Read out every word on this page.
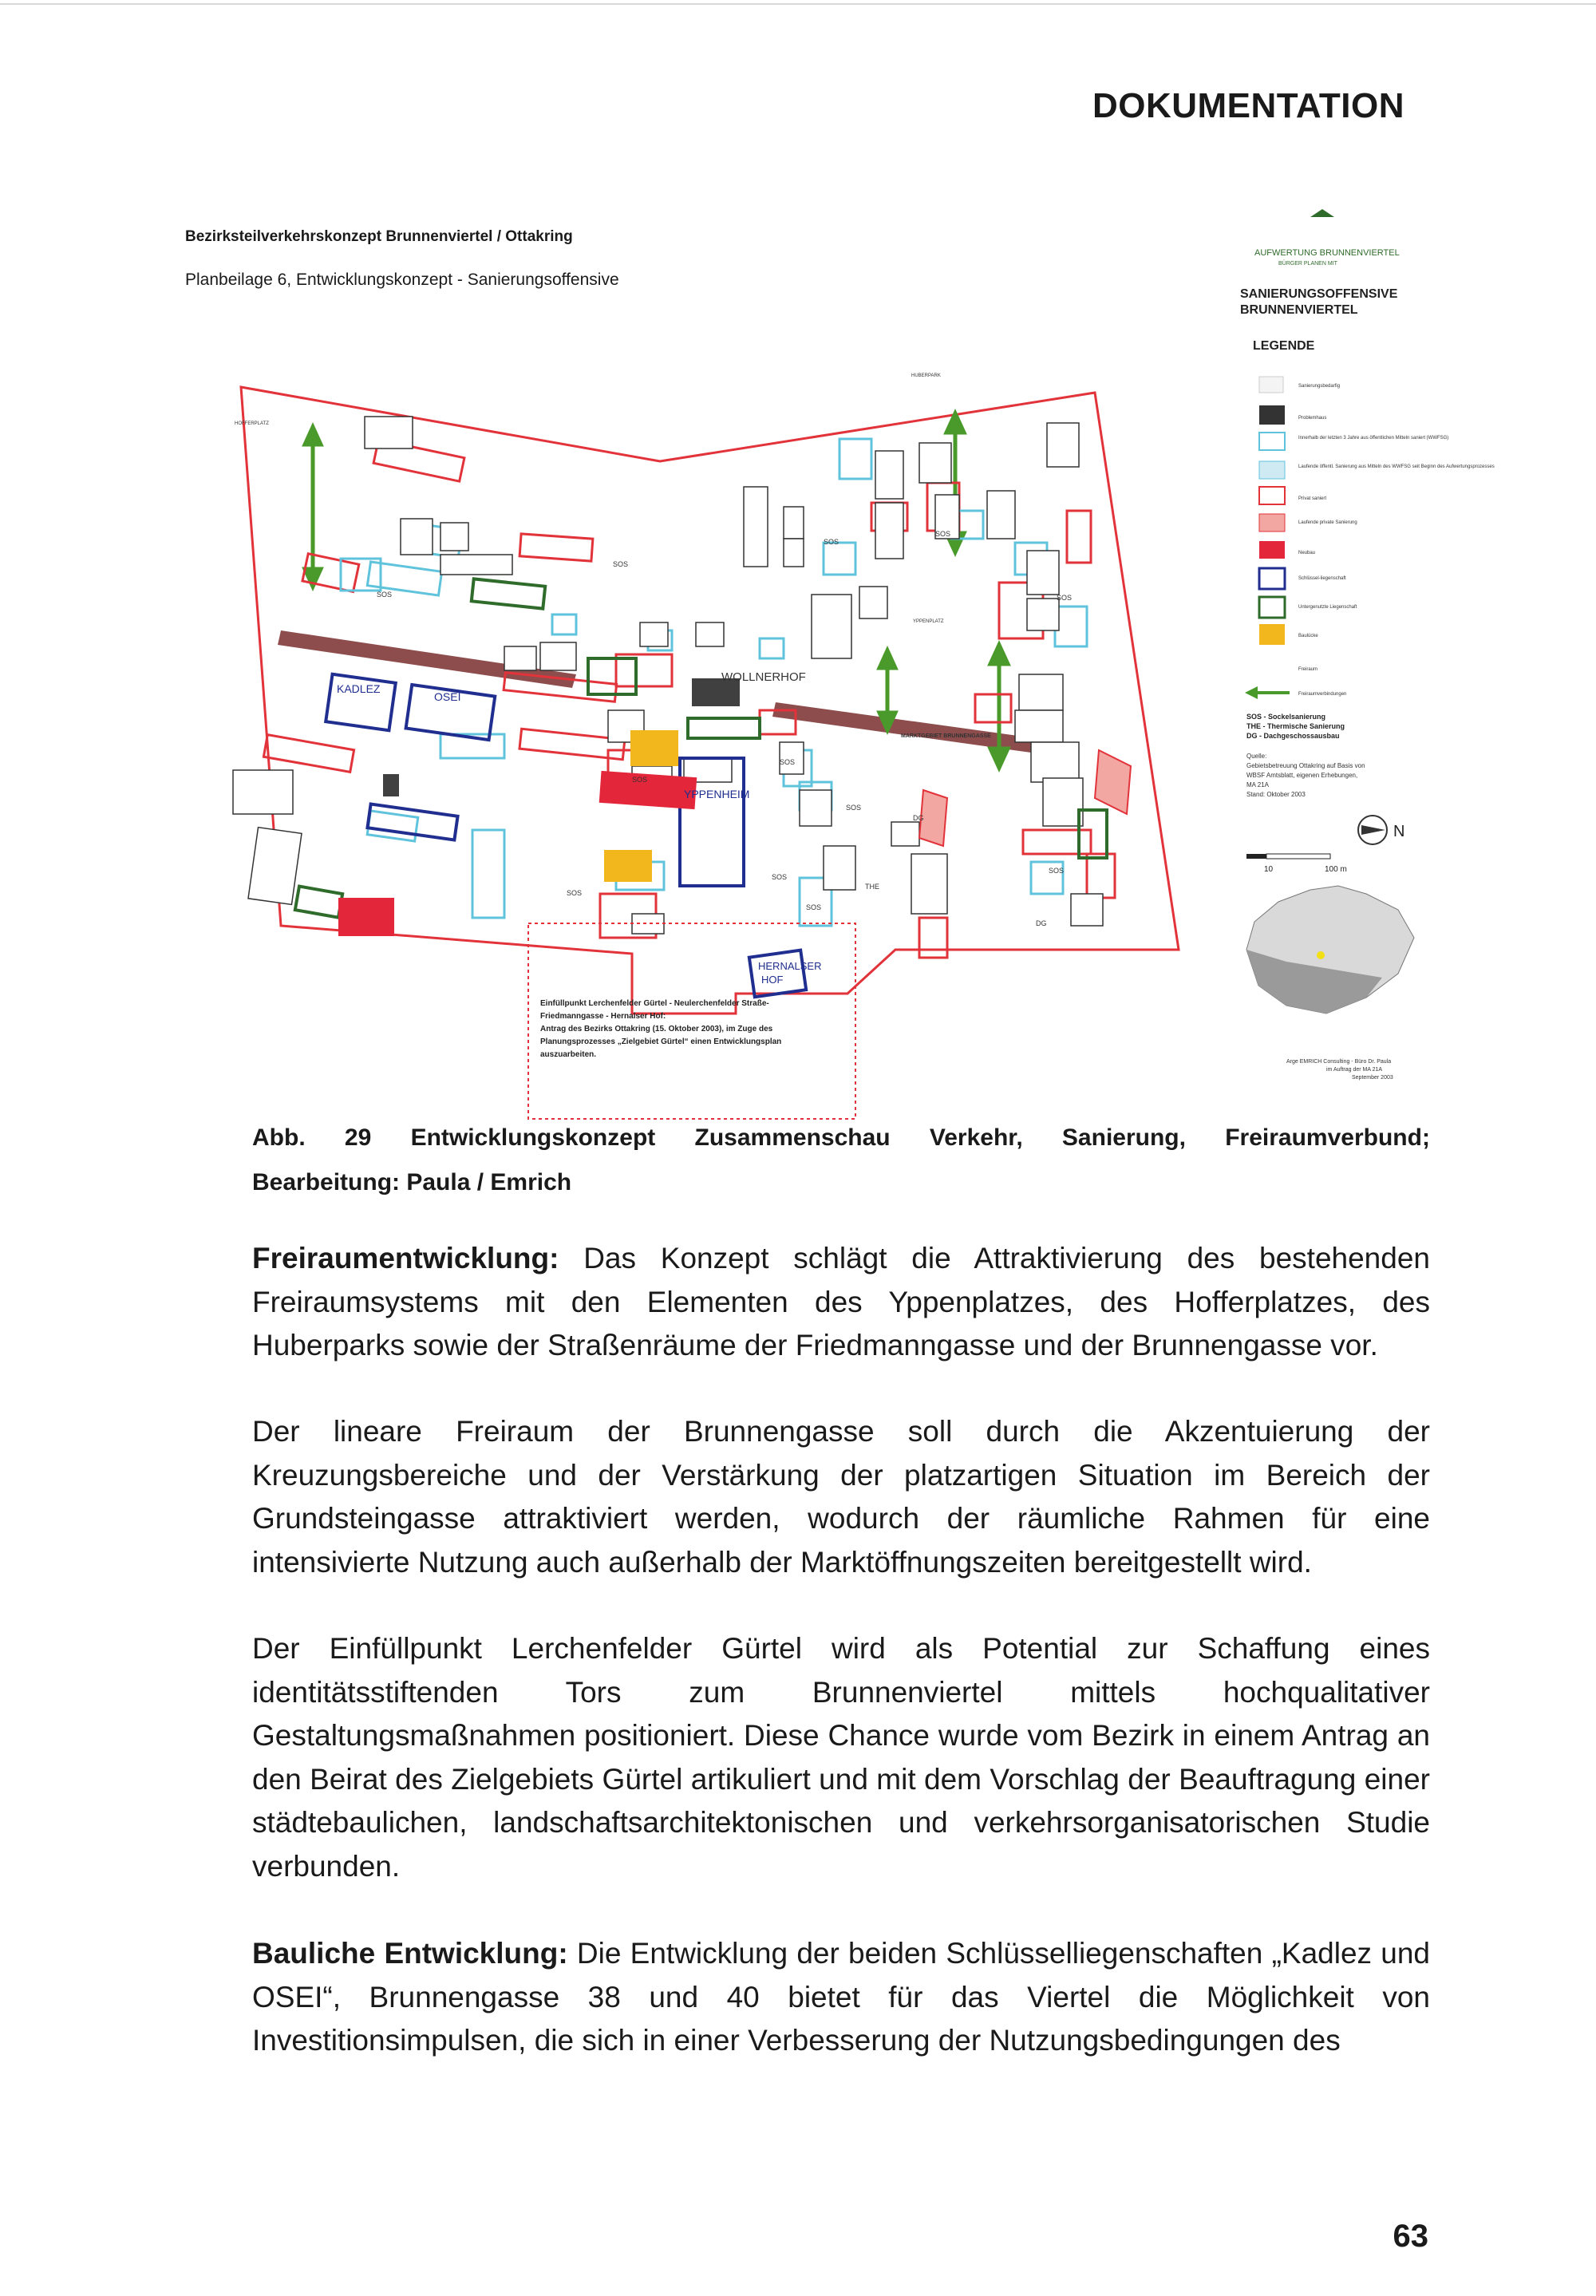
DOKUMENTATION
Bezirksteilverkehrskonzept Brunnenviertel / Ottakring
Planbeilage 6, Entwicklungskonzept - Sanierungsoffensive
Einfüllpunkt Lerchenfelder Gürtel - Neulerchenfelder Straße-
Friedmanngasse - Hernalser Hof:
Antrag des Bezirks Ottakring (15. Oktober 2003), im Zuge des
Planungsprozesses „Zielgebiet Gürtel“ einen Entwicklungsplan
auszuarbeiten.
KADLEZ
OSEI
YPPENHEIM
HERNALSER
HOF
WOLLNERHOF
MARKTGEBIET BRUNNENGASSE
HOFFERPLATZ
HUBERPARK
YPPENPLATZ
SOS
SOS
SOS
SOS
SOS
SOS
SOS
SOS
SOS
SOS
SOS
SOS
THE
DG
DG
AUFWERTUNG BRUNNENVIERTEL
BÜRGER PLANEN MIT
SANIERUNGSOFFENSIVE
BRUNNENVIERTEL
LEGENDE
Sanierungsbedarfig
Problemhaus
Innerhalb der letzten 3 Jahre aus öffentlichen Mitteln saniert (WWFSG)
Laufende öffentl. Sanierung aus Mitteln des WWFSG seit Beginn des Aufwertungsprozesses
Privat saniert
Laufende private Sanierung
Neubau
Schlüssel-liegenschaft
Untergenutzte Liegenschaft
Baulücke
Freiraum
Freiraumverbindungen
SOS - Sockelsanierung
THE - Thermische Sanierung
DG - Dachgeschossausbau
Quelle:
Gebietsbetreuung Ottakring auf Basis von
WBSF Amtsblatt, eigenen Erhebungen,
MA 21A
Stand: Oktober 2003
N
10	100 m
Arge EMRICH Consulting - Büro Dr. Paula
im Auftrag der MA 21A
September 2003
Abb. 29 Entwicklungskonzept Zusammenschau Verkehr, Sanierung, Freiraumverbund;
Bearbeitung: Paula / Emrich
Freiraumentwicklung: Das Konzept schlägt die Attraktivierung des bestehenden Freiraumsystems mit den Elementen des Yppenplatzes, des Hofferplatzes, des Huberparks sowie der Straßenräume der Friedmanngasse und der Brunnengasse vor.
Der lineare Freiraum der Brunnengasse soll durch die Akzentuierung der Kreuzungsbereiche und der Verstärkung der platzartigen Situation im Bereich der Grundsteingasse attraktiviert werden, wodurch der räumliche Rahmen für eine intensivierte Nutzung auch außerhalb der Marktöffnungszeiten bereitgestellt wird.
Der Einfüllpunkt Lerchenfelder Gürtel wird als Potential zur Schaffung eines identitätsstiftenden Tors zum Brunnenviertel mittels hochqualitativer Gestaltungsmaßnahmen positioniert. Diese Chance wurde vom Bezirk in einem Antrag an den Beirat des Zielgebiets Gürtel artikuliert und mit dem Vorschlag der Beauftragung einer städtebaulichen, landschaftsarchitektonischen und verkehrsorganisatorischen Studie verbunden.
Bauliche Entwicklung: Die Entwicklung der beiden Schlüsselliegenschaften „Kadlez und OSEI“, Brunnengasse 38 und 40 bietet für das Viertel die Möglichkeit von Investitionsimpulsen, die sich in einer Verbesserung der Nutzungsbedingungen des
63
